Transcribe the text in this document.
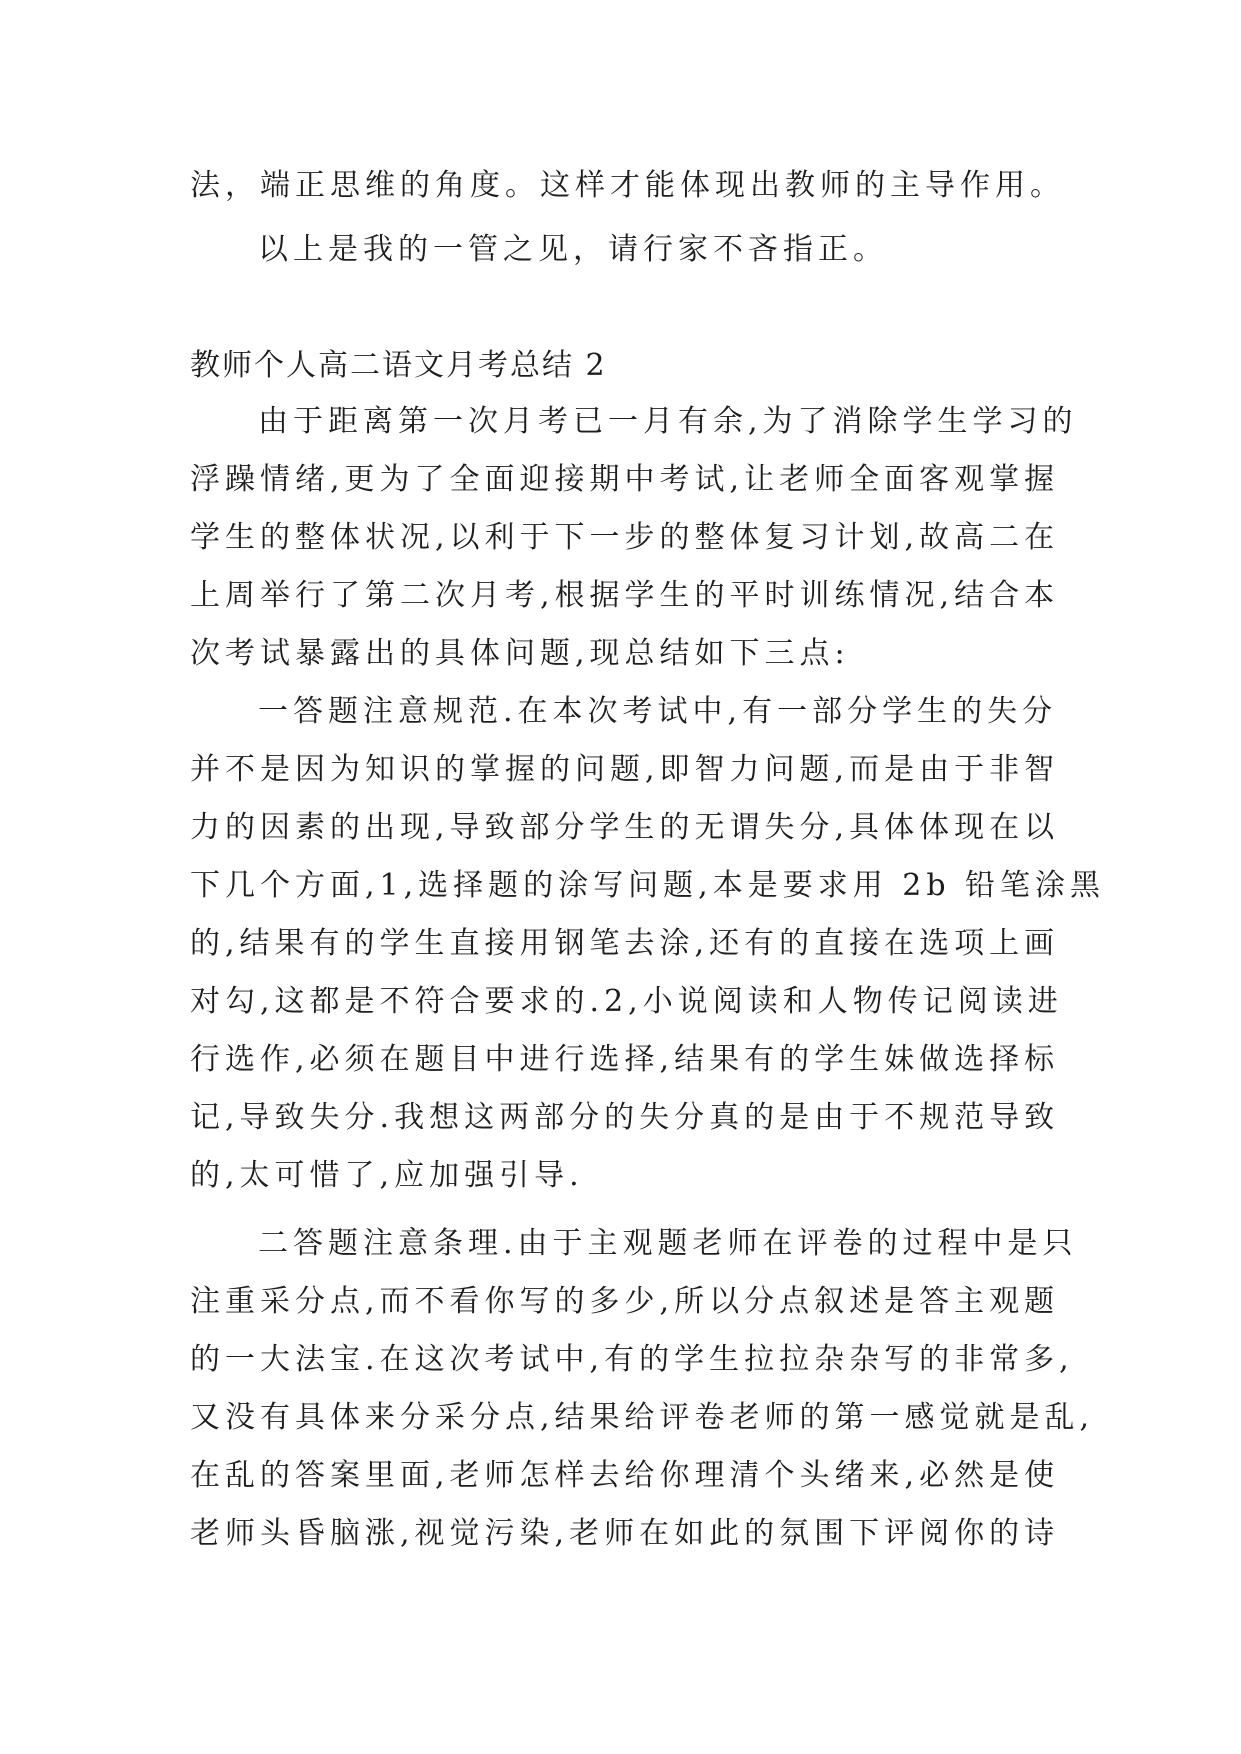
法，端正思维的角度。这样才能体现出教师的主导作用。
以上是我的一管之见，请行家不吝指正。
教师个人高二语文月考总结 2
由于距离第一次月考已一月有余,为了消除学生学习的
浮躁情绪,更为了全面迎接期中考试,让老师全面客观掌握
学生的整体状况,以利于下一步的整体复习计划,故高二在
上周举行了第二次月考,根据学生的平时训练情况,结合本
次考试暴露出的具体问题,现总结如下三点:
一答题注意规范.在本次考试中,有一部分学生的失分
并不是因为知识的掌握的问题,即智力问题,而是由于非智
力的因素的出现,导致部分学生的无谓失分,具体体现在以
下几个方面,1,选择题的涂写问题,本是要求用 2b 铅笔涂黑
的,结果有的学生直接用钢笔去涂,还有的直接在选项上画
对勾,这都是不符合要求的.2,小说阅读和人物传记阅读进
行选作,必须在题目中进行选择,结果有的学生妹做选择标
记,导致失分.我想这两部分的失分真的是由于不规范导致
的,太可惜了,应加强引导.
二答题注意条理.由于主观题老师在评卷的过程中是只
注重采分点,而不看你写的多少,所以分点叙述是答主观题
的一大法宝.在这次考试中,有的学生拉拉杂杂写的非常多,
又没有具体来分采分点,结果给评卷老师的第一感觉就是乱,
在乱的答案里面,老师怎样去给你理清个头绪来,必然是使
老师头昏脑涨,视觉污染,老师在如此的氛围下评阅你的诗
